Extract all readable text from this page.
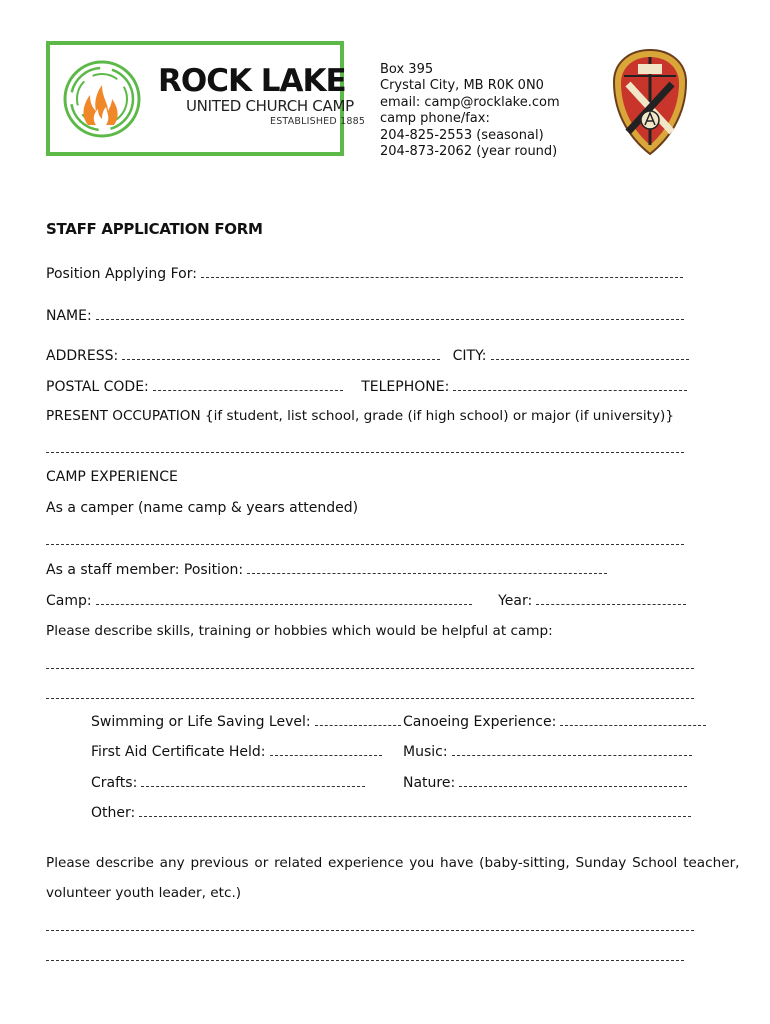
ROCK LAKE
UNITED CHURCH CAMP
ESTABLISHED 1885
Box 395
Crystal City, MB R0K 0N0
email: camp@rocklake.com
camp phone/fax:
204-825-2553 (seasonal)
204-873-2062 (year round)
STAFF APPLICATION FORM
Position Applying For:
NAME:
ADDRESS:	CITY:
POSTAL CODE:	TELEPHONE:
PRESENT OCCUPATION {if student, list school, grade (if high school) or major (if university)}
CAMP EXPERIENCE
As a camper (name camp & years attended)
As a staff member: Position:
Camp:	Year:
Please describe skills, training or hobbies which would be helpful at camp:
Swimming or Life Saving Level:	Canoeing Experience:
First Aid Certificate Held:	Music:
Crafts:	Nature:
Other:
Please describe any previous or related experience you have (baby-sitting, Sunday School teacher,
volunteer youth leader, etc.)
